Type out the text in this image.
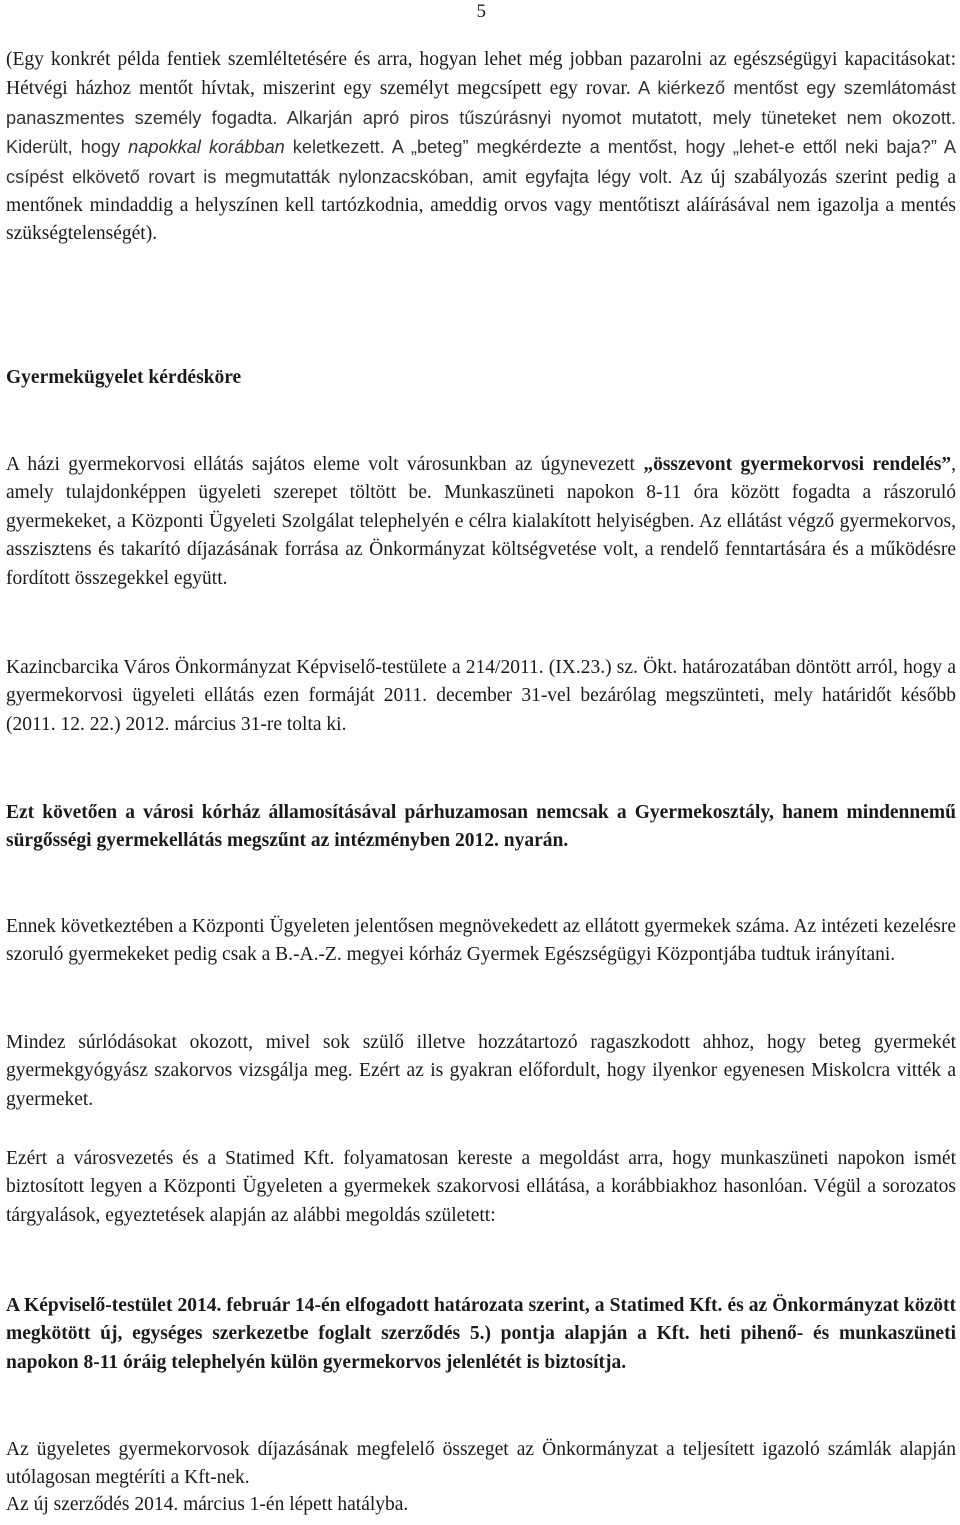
5

(Egy konkrét példa fentiek szemléltetésére és arra, hogyan lehet még jobban pazarolni az egészségügyi kapacitásokat: Hétvégi házhoz mentőt hívtak, miszerint egy személyt megcsípett egy rovar. A kiérkező mentőst egy szemlátomást panaszmentes személy fogadta. Alkarján apró piros tűszúrásnyi nyomot mutatott, mely tüneteket nem okozott. Kiderült, hogy napokkal korábban keletkezett. A „beteg” megkérdezte a mentőst, hogy „lehet-e ettől neki baja?” A csípést elkövető rovart is megmutatták nylonzacskóban, amit egyfajta légy volt. Az új szabályozás szerint pedig a mentőnek mindaddig a helyszínen kell tartózkodnia, ameddig orvos vagy mentőtiszt aláírásával nem igazolja a mentés szükségtelenségét).

Gyermekügyelet kérdésköre

A házi gyermekorvosi ellátás sajátos eleme volt városunkban az úgynevezett „összevont gyermekorvosi rendelés”, amely tulajdonképpen ügyeleti szerepet töltött be. Munkaszüneti napokon 8-11 óra között fogadta a rászoruló gyermekeket, a Központi Ügyeleti Szolgálat telephelyén e célra kialakított helyiségben. Az ellátást végző gyermekorvos, asszisztens és takarító díjazásának forrása az Önkormányzat költségvetése volt, a rendelő fenntartására és a működésre fordított összegekkel együtt.

Kazincbarcika Város Önkormányzat Képviselő-testülete a 214/2011. (IX.23.) sz. Ökt. határozatában döntött arról, hogy a gyermekorvosi ügyeleti ellátás ezen formáját 2011. december 31-vel bezárólag megszünteti, mely határidőt később (2011. 12. 22.) 2012. március 31-re tolta ki.

Ezt követően a városi kórház államosításával párhuzamosan nemcsak a Gyermekosztály, hanem mindennemű sürgősségi gyermekellátás megszűnt az intézményben 2012. nyarán.

Ennek következtében a Központi Ügyeleten jelentősen megnövekedett az ellátott gyermekek száma. Az intézeti kezelésre szoruló gyermekeket pedig csak a B.-A.-Z. megyei kórház Gyermek Egészségügyi Központjába tudtuk irányítani.

Mindez súrlódásokat okozott, mivel sok szülő illetve hozzátartozó ragaszkodott ahhoz, hogy beteg gyermekét gyermekgyógyász szakorvos vizsgálja meg. Ezért az is gyakran előfordult, hogy ilyenkor egyenesen Miskolcra vitték a gyermeket.

Ezért a városvezetés és a Statimed Kft. folyamatosan kereste a megoldást arra, hogy munkaszüneti napokon ismét biztosított legyen a Központi Ügyeleten a gyermekek szakorvosi ellátása, a korábbiakhoz hasonlóan. Végül a sorozatos tárgyalások, egyeztetések alapján az alábbi megoldás született:

A Képviselő-testület 2014. február 14-én elfogadott határozata szerint, a Statimed Kft. és az Önkormányzat között megkötött új, egységes szerkezetbe foglalt szerződés 5.) pontja alapján a Kft. heti pihenő- és munkaszüneti napokon 8-11 óráig telephelyén külön gyermekorvos jelenlétét is biztosítja.

Az ügyeletes gyermekorvosok díjazásának megfelelő összeget az Önkormányzat a teljesített igazoló számlák alapján utólagosan megtéríti a Kft-nek.

Az új szerződés 2014. március 1-én lépett hatályba.
